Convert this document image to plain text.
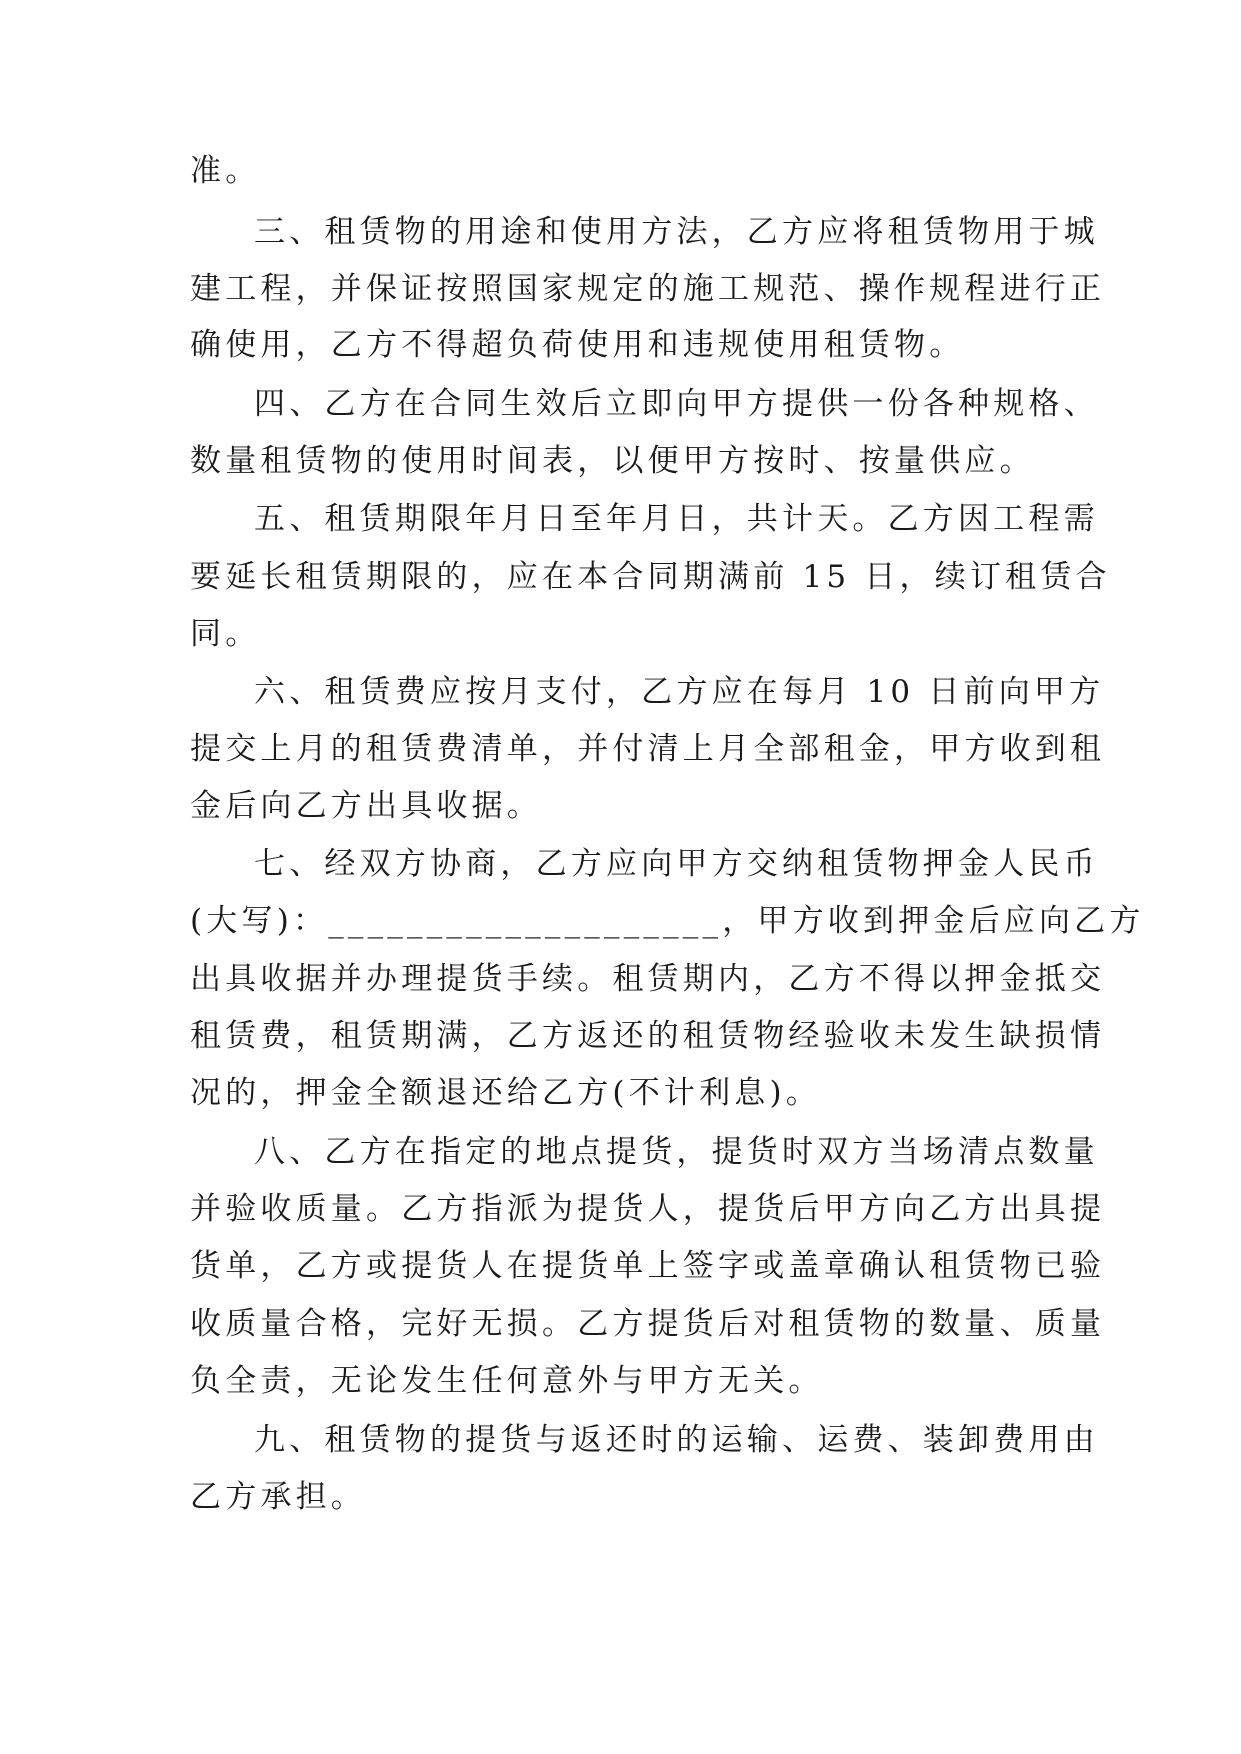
准。
三、租赁物的用途和使用方法，乙方应将租赁物用于城
建工程，并保证按照国家规定的施工规范、操作规程进行正
确使用，乙方不得超负荷使用和违规使用租赁物。
四、乙方在合同生效后立即向甲方提供一份各种规格、
数量租赁物的使用时间表，以便甲方按时、按量供应。
五、租赁期限年月日至年月日，共计天。乙方因工程需
要延长租赁期限的，应在本合同期满前 15 日，续订租赁合
同。
六、租赁费应按月支付，乙方应在每月 10 日前向甲方
提交上月的租赁费清单，并付清上月全部租金，甲方收到租
金后向乙方出具收据。
七、经双方协商，乙方应向甲方交纳租赁物押金人民币
(大写)：____________________，甲方收到押金后应向乙方
出具收据并办理提货手续。租赁期内，乙方不得以押金抵交
租赁费，租赁期满，乙方返还的租赁物经验收未发生缺损情
况的，押金全额退还给乙方(不计利息)。
八、乙方在指定的地点提货，提货时双方当场清点数量
并验收质量。乙方指派为提货人，提货后甲方向乙方出具提
货单，乙方或提货人在提货单上签字或盖章确认租赁物已验
收质量合格，完好无损。乙方提货后对租赁物的数量、质量
负全责，无论发生任何意外与甲方无关。
九、租赁物的提货与返还时的运输、运费、装卸费用由
乙方承担。
